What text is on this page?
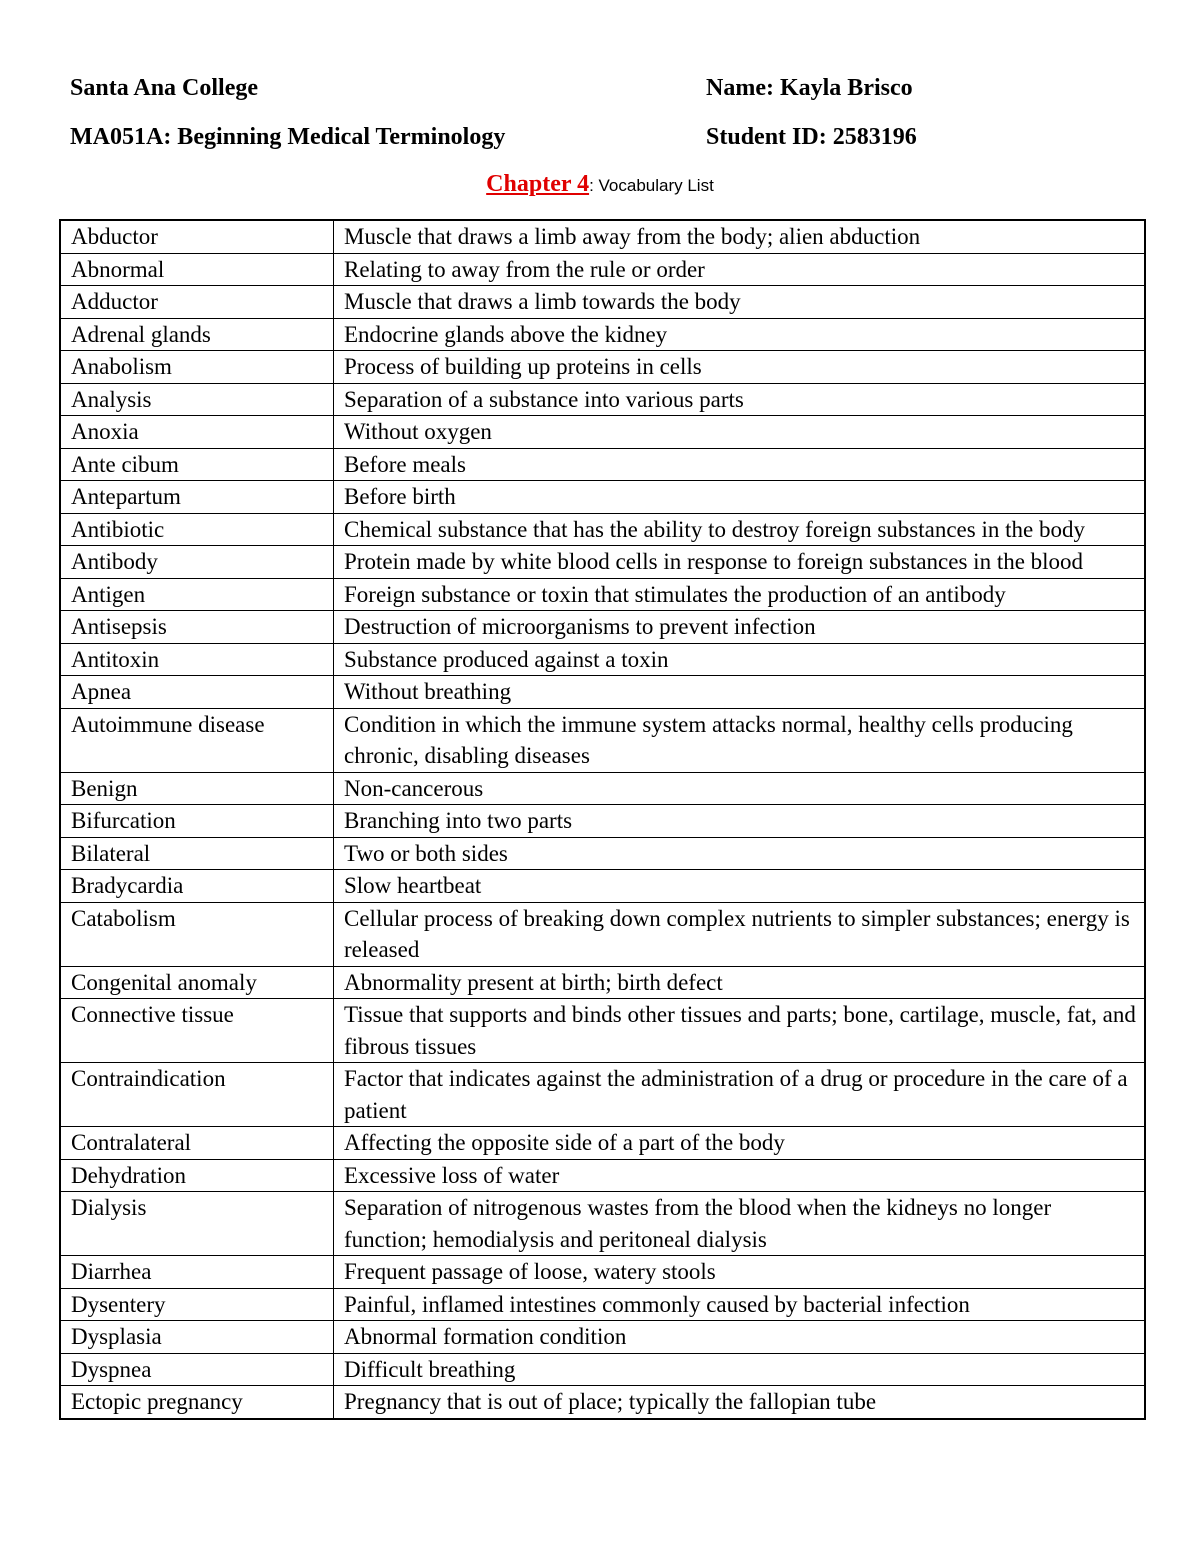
Santa Ana College	Name: Kayla Brisco
MA051A: Beginning Medical Terminology	Student ID: 2583196
Chapter 4: Vocabulary List
Abductor	Muscle that draws a limb away from the body; alien abduction
Abnormal	Relating to away from the rule or order
Adductor	Muscle that draws a limb towards the body
Adrenal glands	Endocrine glands above the kidney
Anabolism	Process of building up proteins in cells
Analysis	Separation of a substance into various parts
Anoxia	Without oxygen
Ante cibum	Before meals
Antepartum	Before birth
Antibiotic	Chemical substance that has the ability to destroy foreign substances in the body
Antibody	Protein made by white blood cells in response to foreign substances in the blood
Antigen	Foreign substance or toxin that stimulates the production of an antibody
Antisepsis	Destruction of microorganisms to prevent infection
Antitoxin	Substance produced against a toxin
Apnea	Without breathing
Autoimmune disease	Condition in which the immune system attacks normal, healthy cells producing chronic, disabling diseases
Benign	Non-cancerous
Bifurcation	Branching into two parts
Bilateral	Two or both sides
Bradycardia	Slow heartbeat
Catabolism	Cellular process of breaking down complex nutrients to simpler substances; energy is released
Congenital anomaly	Abnormality present at birth; birth defect
Connective tissue	Tissue that supports and binds other tissues and parts; bone, cartilage, muscle, fat, and fibrous tissues
Contraindication	Factor that indicates against the administration of a drug or procedure in the care of a patient
Contralateral	Affecting the opposite side of a part of the body
Dehydration	Excessive loss of water
Dialysis	Separation of nitrogenous wastes from the blood when the kidneys no longer function; hemodialysis and peritoneal dialysis
Diarrhea	Frequent passage of loose, watery stools
Dysentery	Painful, inflamed intestines commonly caused by bacterial infection
Dysplasia	Abnormal formation condition
Dyspnea	Difficult breathing
Ectopic pregnancy	Pregnancy that is out of place; typically the fallopian tube
